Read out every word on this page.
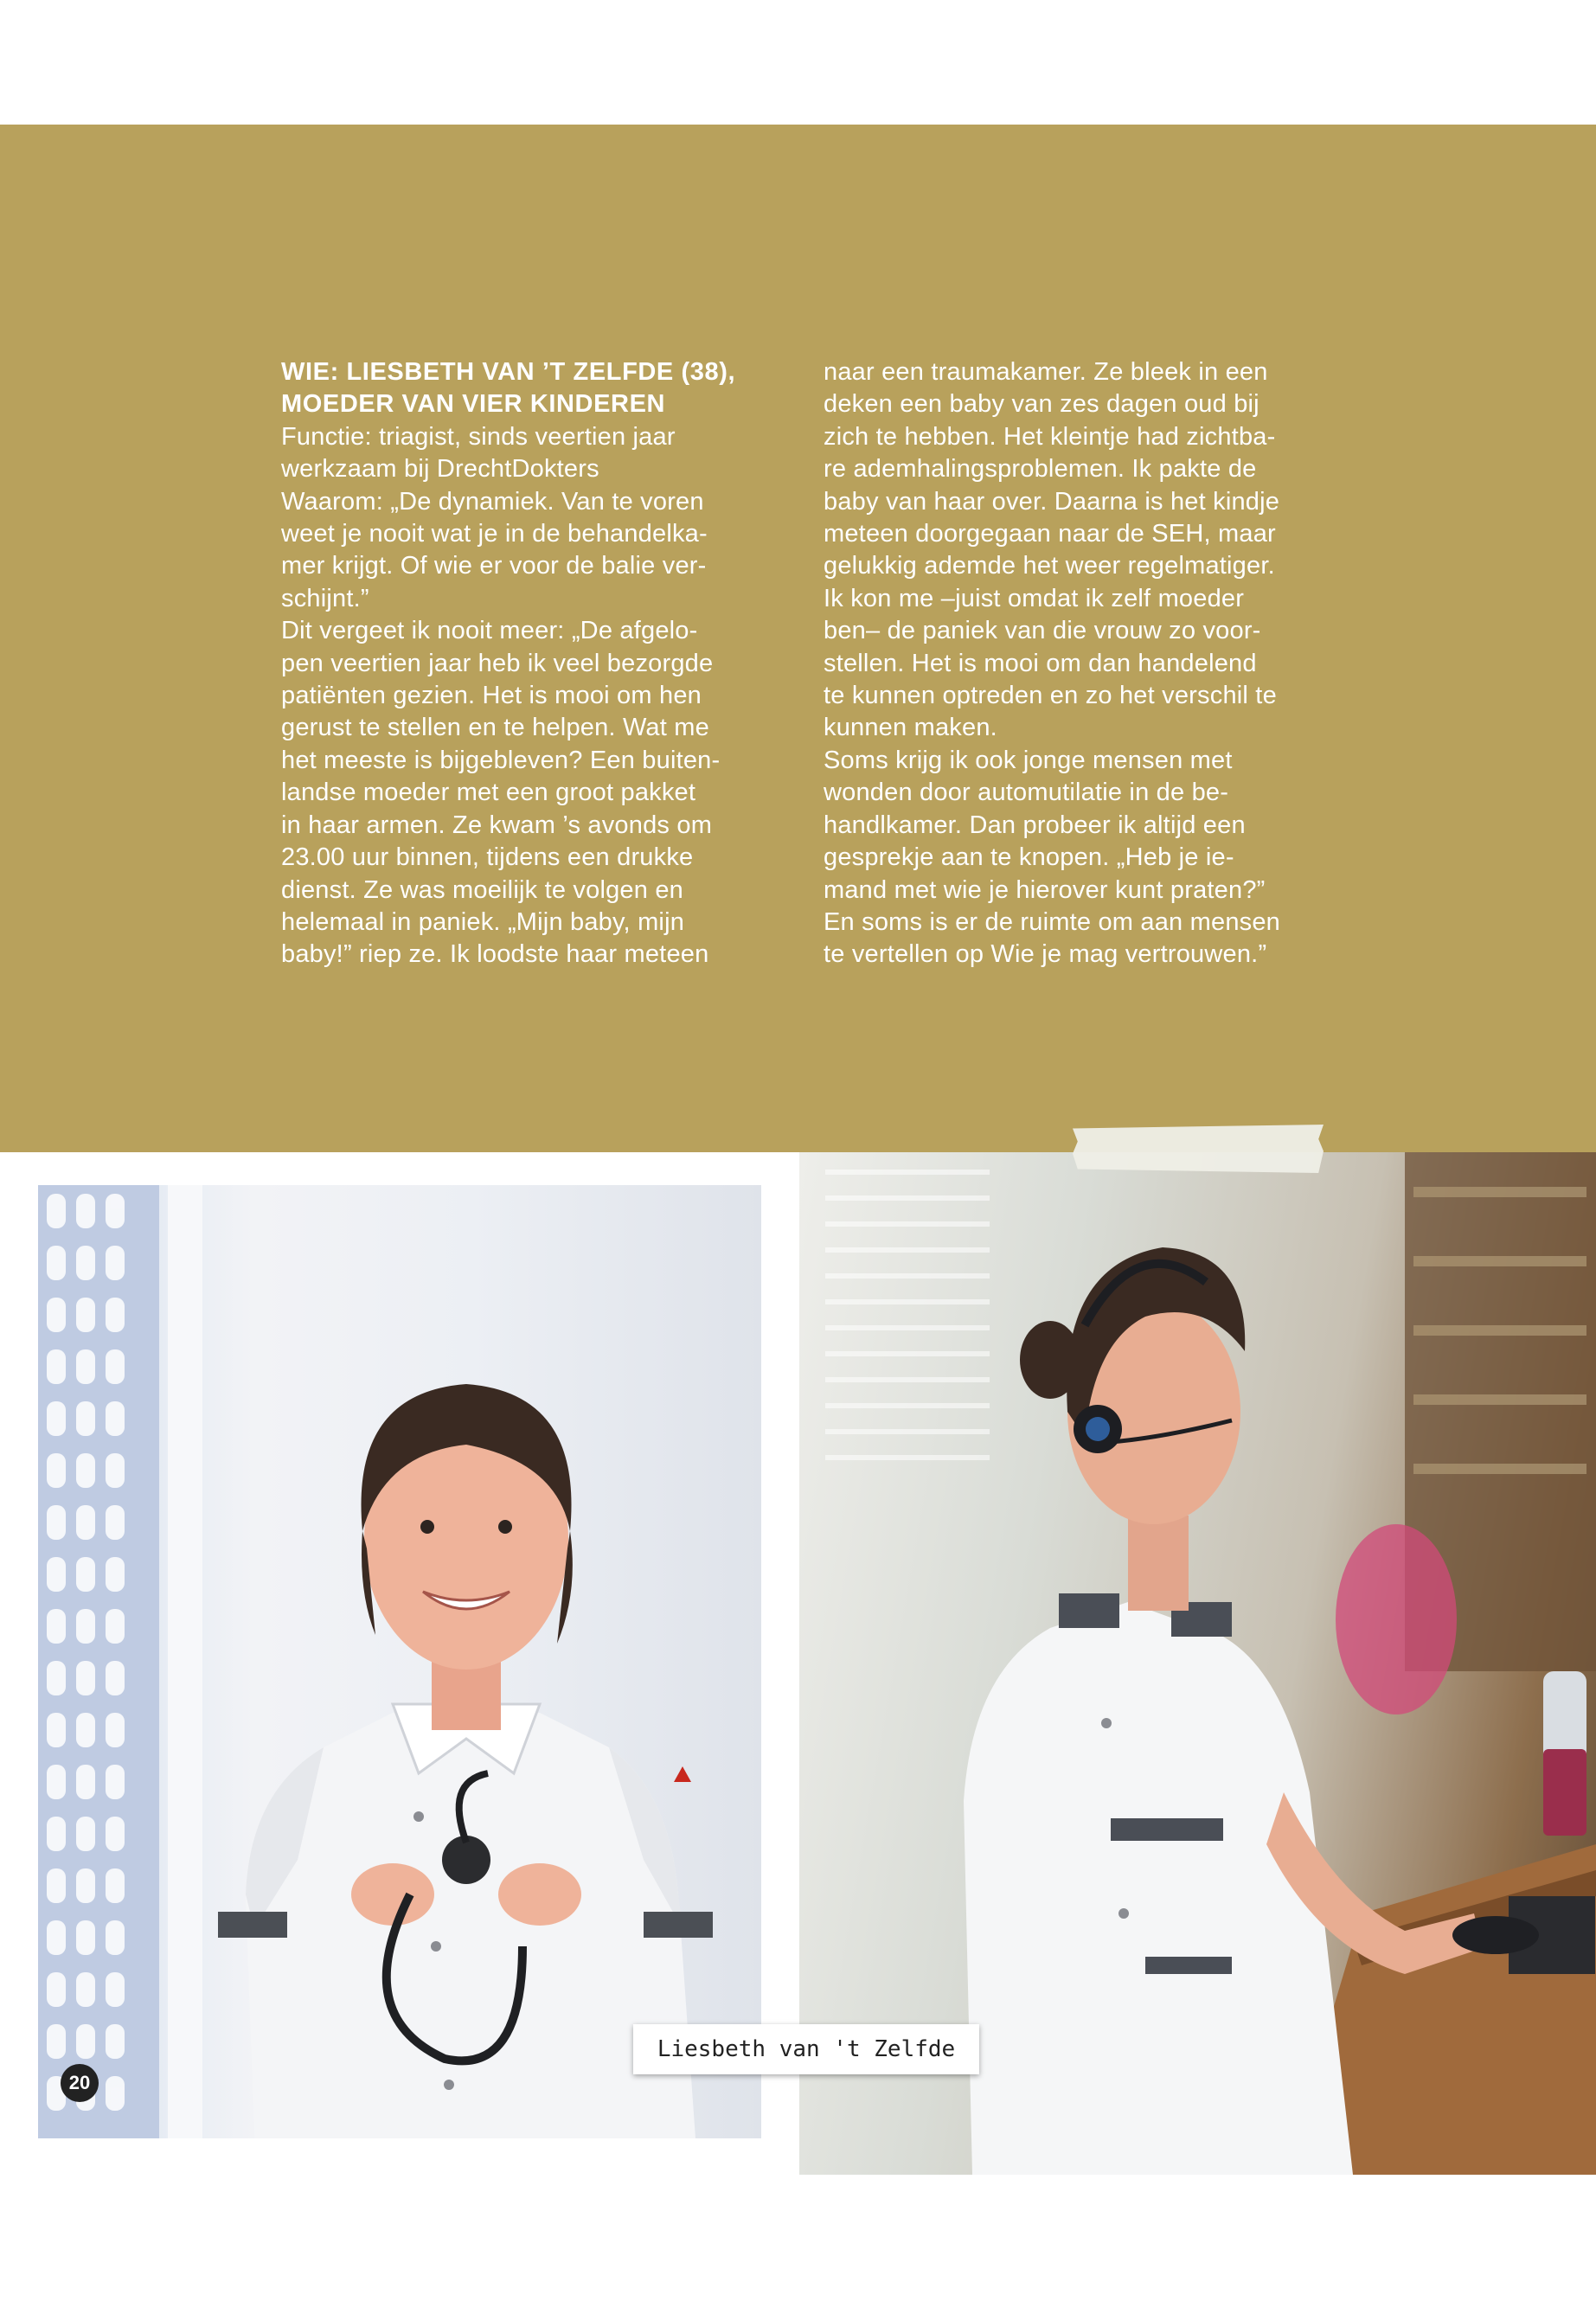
WIE: LIESBETH VAN ’T ZELFDE (38),
MOEDER VAN VIER KINDEREN
Functie: triagist, sinds veertien jaar
werkzaam bij DrechtDokters
Waarom: „De dynamiek. Van te voren
weet je nooit wat je in de behandelka-
mer krijgt. Of wie er voor de balie ver-
schijnt.”
Dit vergeet ik nooit meer: „De afgelo-
pen veertien jaar heb ik veel bezorgde
patiënten gezien. Het is mooi om hen
gerust te stellen en te helpen. Wat me
het meeste is bijgebleven? Een buiten-
landse moeder met een groot pakket
in haar armen. Ze kwam ’s avonds om
23.00 uur binnen, tijdens een drukke
dienst. Ze was moeilijk te volgen en
helemaal in paniek. „Mijn baby, mijn
baby!” riep ze. Ik loodste haar meteen
naar een traumakamer. Ze bleek in een
deken een baby van zes dagen oud bij
zich te hebben. Het kleintje had zichtba-
re ademhalingsproblemen. Ik pakte de
baby van haar over. Daarna is het kindje
meteen doorgegaan naar de SEH, maar
gelukkig ademde het weer regelmatiger.
Ik kon me –juist omdat ik zelf moeder
ben– de paniek van die vrouw zo voor-
stellen. Het is mooi om dan handelend
te kunnen optreden en zo het verschil te
kunnen maken.
Soms krijg ik ook jonge mensen met
wonden door automutilatie in de be-
handlkamer. Dan probeer ik altijd een
gesprekje aan te knopen. „Heb je ie-
mand met wie je hierover kunt praten?”
En soms is er de ruimte om aan mensen
te vertellen op Wie je mag vertrouwen.”
Liesbeth van 't Zelfde
20
